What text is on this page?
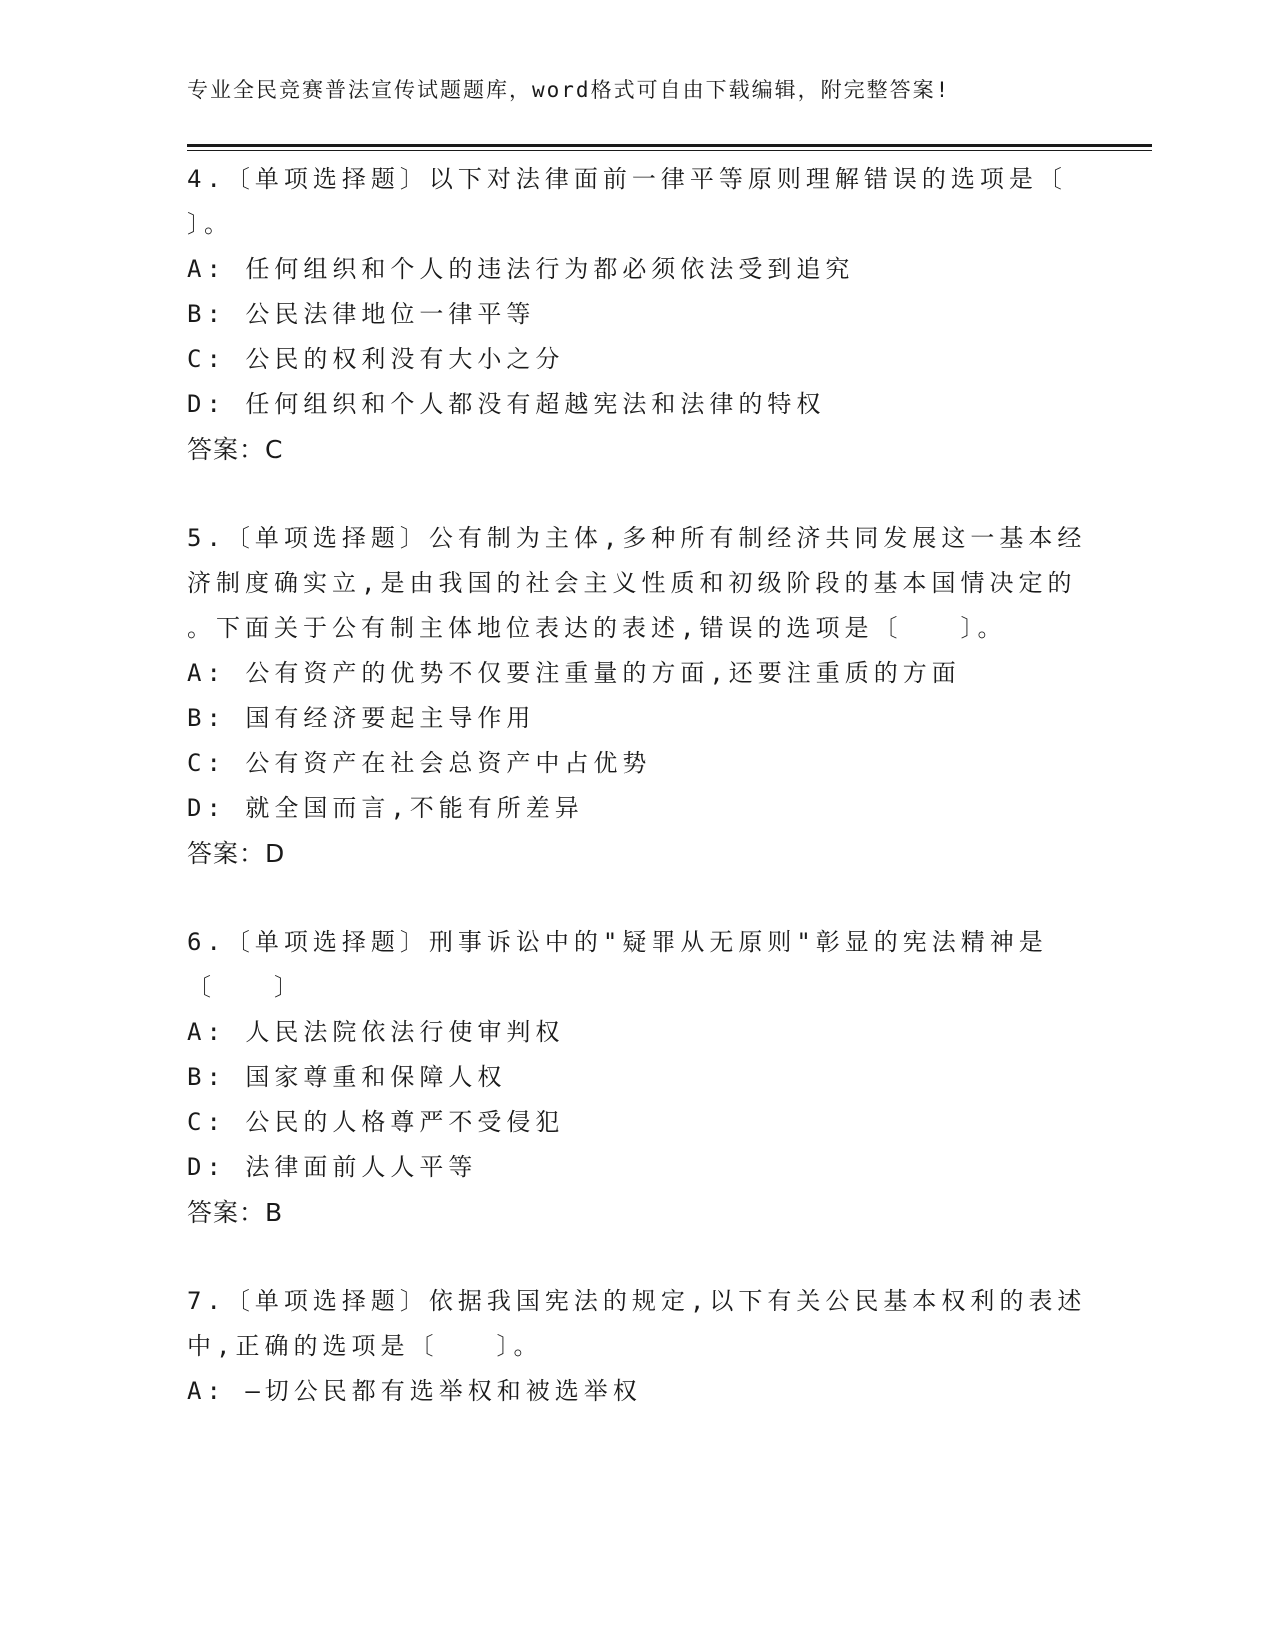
专业全民竞赛普法宣传试题题库，word格式可自由下载编辑，附完整答案!
4.〔单项选择题〕以下对法律面前一律平等原则理解错误的选项是〔
〕。
A: 任何组织和个人的违法行为都必须依法受到追究
B: 公民法律地位一律平等
C: 公民的权利没有大小之分
D: 任何组织和个人都没有超越宪法和法律的特权
答案：C
5.〔单项选择题〕公有制为主体,多种所有制经济共同发展这一基本经
济制度确实立,是由我国的社会主义性质和初级阶段的基本国情决定的
。下面关于公有制主体地位表达的表述,错误的选项是〔　　〕。
A: 公有资产的优势不仅要注重量的方面,还要注重质的方面
B: 国有经济要起主导作用
C: 公有资产在社会总资产中占优势
D: 就全国而言,不能有所差异
答案：D
6.〔单项选择题〕刑事诉讼中的"疑罪从无原则"彰显的宪法精神是
〔　　〕
A: 人民法院依法行使审判权
B: 国家尊重和保障人权
C: 公民的人格尊严不受侵犯
D: 法律面前人人平等
答案：B
7.〔单项选择题〕依据我国宪法的规定,以下有关公民基本权利的表述
中,正确的选项是〔　　〕。
A: —切公民都有选举权和被选举权
